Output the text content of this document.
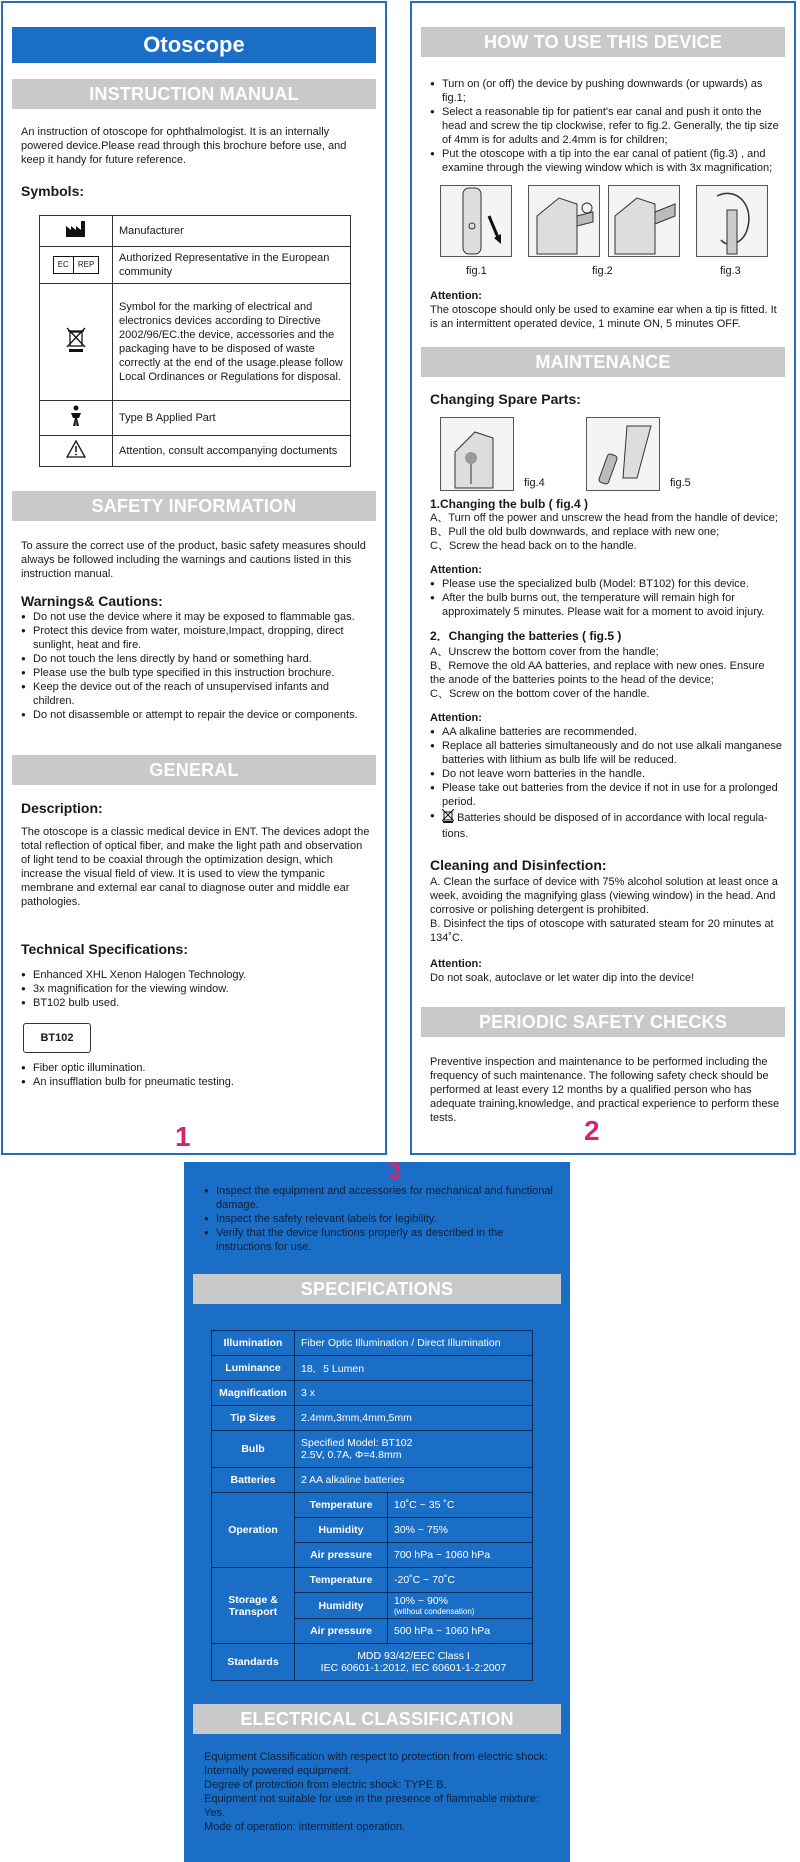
Otoscope
INSTRUCTION MANUAL
An instruction of otoscope for ophthalmologist. It is an internally powered device.Please read through this brochure before use, and keep it handy for future reference.
Symbols:
	Manufacturer
EC REP	Authorized Representative in the European community
	Symbol for the marking of electrical and electronics devices according to Directive 2002/96/EC.the device, accessories and the packaging have to be disposed of waste correctly at the end of the usage.please follow Local Ordinances or Regulations for disposal.
	Type B Applied Part
	Attention, consult accompanying doctuments
SAFETY INFORMATION
To assure the correct use of the product, basic safety measures should always be followed including the warnings and cautions listed in this instruction manual.
Warnings& Cautions:
● Do not use the device where it may be exposed to flammable gas.
● Protect this device from water, moisture,Impact, dropping, direct sunlight, heat and fire.
● Do not touch the lens directly by hand or something hard.
● Please use the bulb type specified in this instruction brochure.
● Keep the device out of the reach of unsupervised infants and children.
● Do not disassemble or attempt to repair the device or components.
GENERAL
Description:
The otoscope is a classic medical device in ENT. The devices adopt the total reflection of optical fiber, and make the light path and observation of light tend to be coaxial through the optimization design, which increase the visual field of view. It is used to view the tympanic membrane and external ear canal to diagnose outer and middle ear pathologies.
Technical Specifications:
● Enhanced XHL Xenon Halogen Technology.
● 3x magnification for the viewing window.
● BT102 bulb used.
BT102
● Fiber optic illumination.
● An insufflation bulb for pneumatic testing.
1
HOW TO USE THIS DEVICE
● Turn on (or off) the device by pushing downwards (or upwards) as fig.1;
● Select a reasonable tip for patient's ear canal and push it onto the head and screw the tip clockwise, refer to fig.2. Generally, the tip size of 4mm is for adults and 2.4mm is for children;
● Put the otoscope with a tip into the ear canal of patient (fig.3) , and examine through the viewing window which is with 3x magnification;
fig.1	fig.2	fig.3
Attention:
The otoscope should only be used to examine ear when a tip is fitted. It is an intermittent operated device, 1 minute ON, 5 minutes OFF.
MAINTENANCE
Changing Spare Parts:
fig.4	fig.5
1.Changing the bulb ( fig.4 )
A、Turn off the power and unscrew the head from the handle of device;
B、Pull the old bulb downwards, and replace with new one;
C、Screw the head back on to the handle.
Attention:
● Please use the specialized bulb (Model: BT102) for this device.
● After the bulb burns out, the temperature will remain high for approximately 5 minutes. Please wait for a moment to avoid injury.
2．Changing the batteries ( fig.5 )
A、Unscrew the bottom cover from the handle;
B、Remove the old AA batteries, and replace with new ones. Ensure the anode of the batteries points to the head of the device;
C、Screw on the bottom cover of the handle.
Attention:
● AA alkaline batteries are recommended.
● Replace all batteries simultaneously and do not use alkali manganese batteries with lithium as bulb life will be reduced.
● Do not leave worn batteries in the handle.
● Please take out batteries from the device if not in use for a prolonged period.
● Batteries should be disposed of in accordance with local regula- tions.
Cleaning and Disinfection:
A. Clean the surface of device with 75% alcohol solution at least once a week, avoiding the magnifying glass (viewing window) in the head. And corrosive or polishing detergent is prohibited.
B. Disinfect the tips of otoscope with saturated steam for 20 minutes at 134˚C.
Attention:
Do not soak, autoclave or let water dip into the device!
PERIODIC SAFETY CHECKS
Preventive inspection and maintenance to be performed including the frequency of such maintenance. The following safety check should be performed at least every 12 months by a qualified person who has adequate training,knowledge, and practical experience to perform these tests.	2
3
● Inspect the equipment and accessories for mechanical and functional damage.
● Inspect the safety relevant labels for legibility.
● Verify that the device functions properly as described in the instructions for use.
SPECIFICATIONS
Illumination	Fiber Optic Illumination / Direct Illumination	
Luminance	18．5 Lumen	
Magnification	3 x	
Tip Sizes	2.4mm,3mm,4mm,5mm	
Bulb	Specified Model: BT102
2.5V, 0.7A, Φ=4.8mm	

Batteries	2 AA alkaline batteries	
Operation	Temperature	10˚C ~ 35 ˚C
	Humidity	30% ~ 75%
	Air pressure	700 hPa ~ 1060 hPa
Storage & Transport	Temperature	-20˚C ~ 70˚C
	Humidity	10% ~ 90%
(without condensation)

	Air pressure	500 hPa ~ 1060 hPa
Standards	MDD 93/42/EEC Class I
IEC 60601-1:2012, IEC 60601-1-2:2007	
ELECTRICAL CLASSIFICATION
Equipment Classification with respect to protection from electric shock:
Internally powered equipment.
Degree of protection from electric shock: TYPE B.
Equipment not suitable for use in the presence of flammable mixture:
Yes.
Mode of operation: intermittent operation.
